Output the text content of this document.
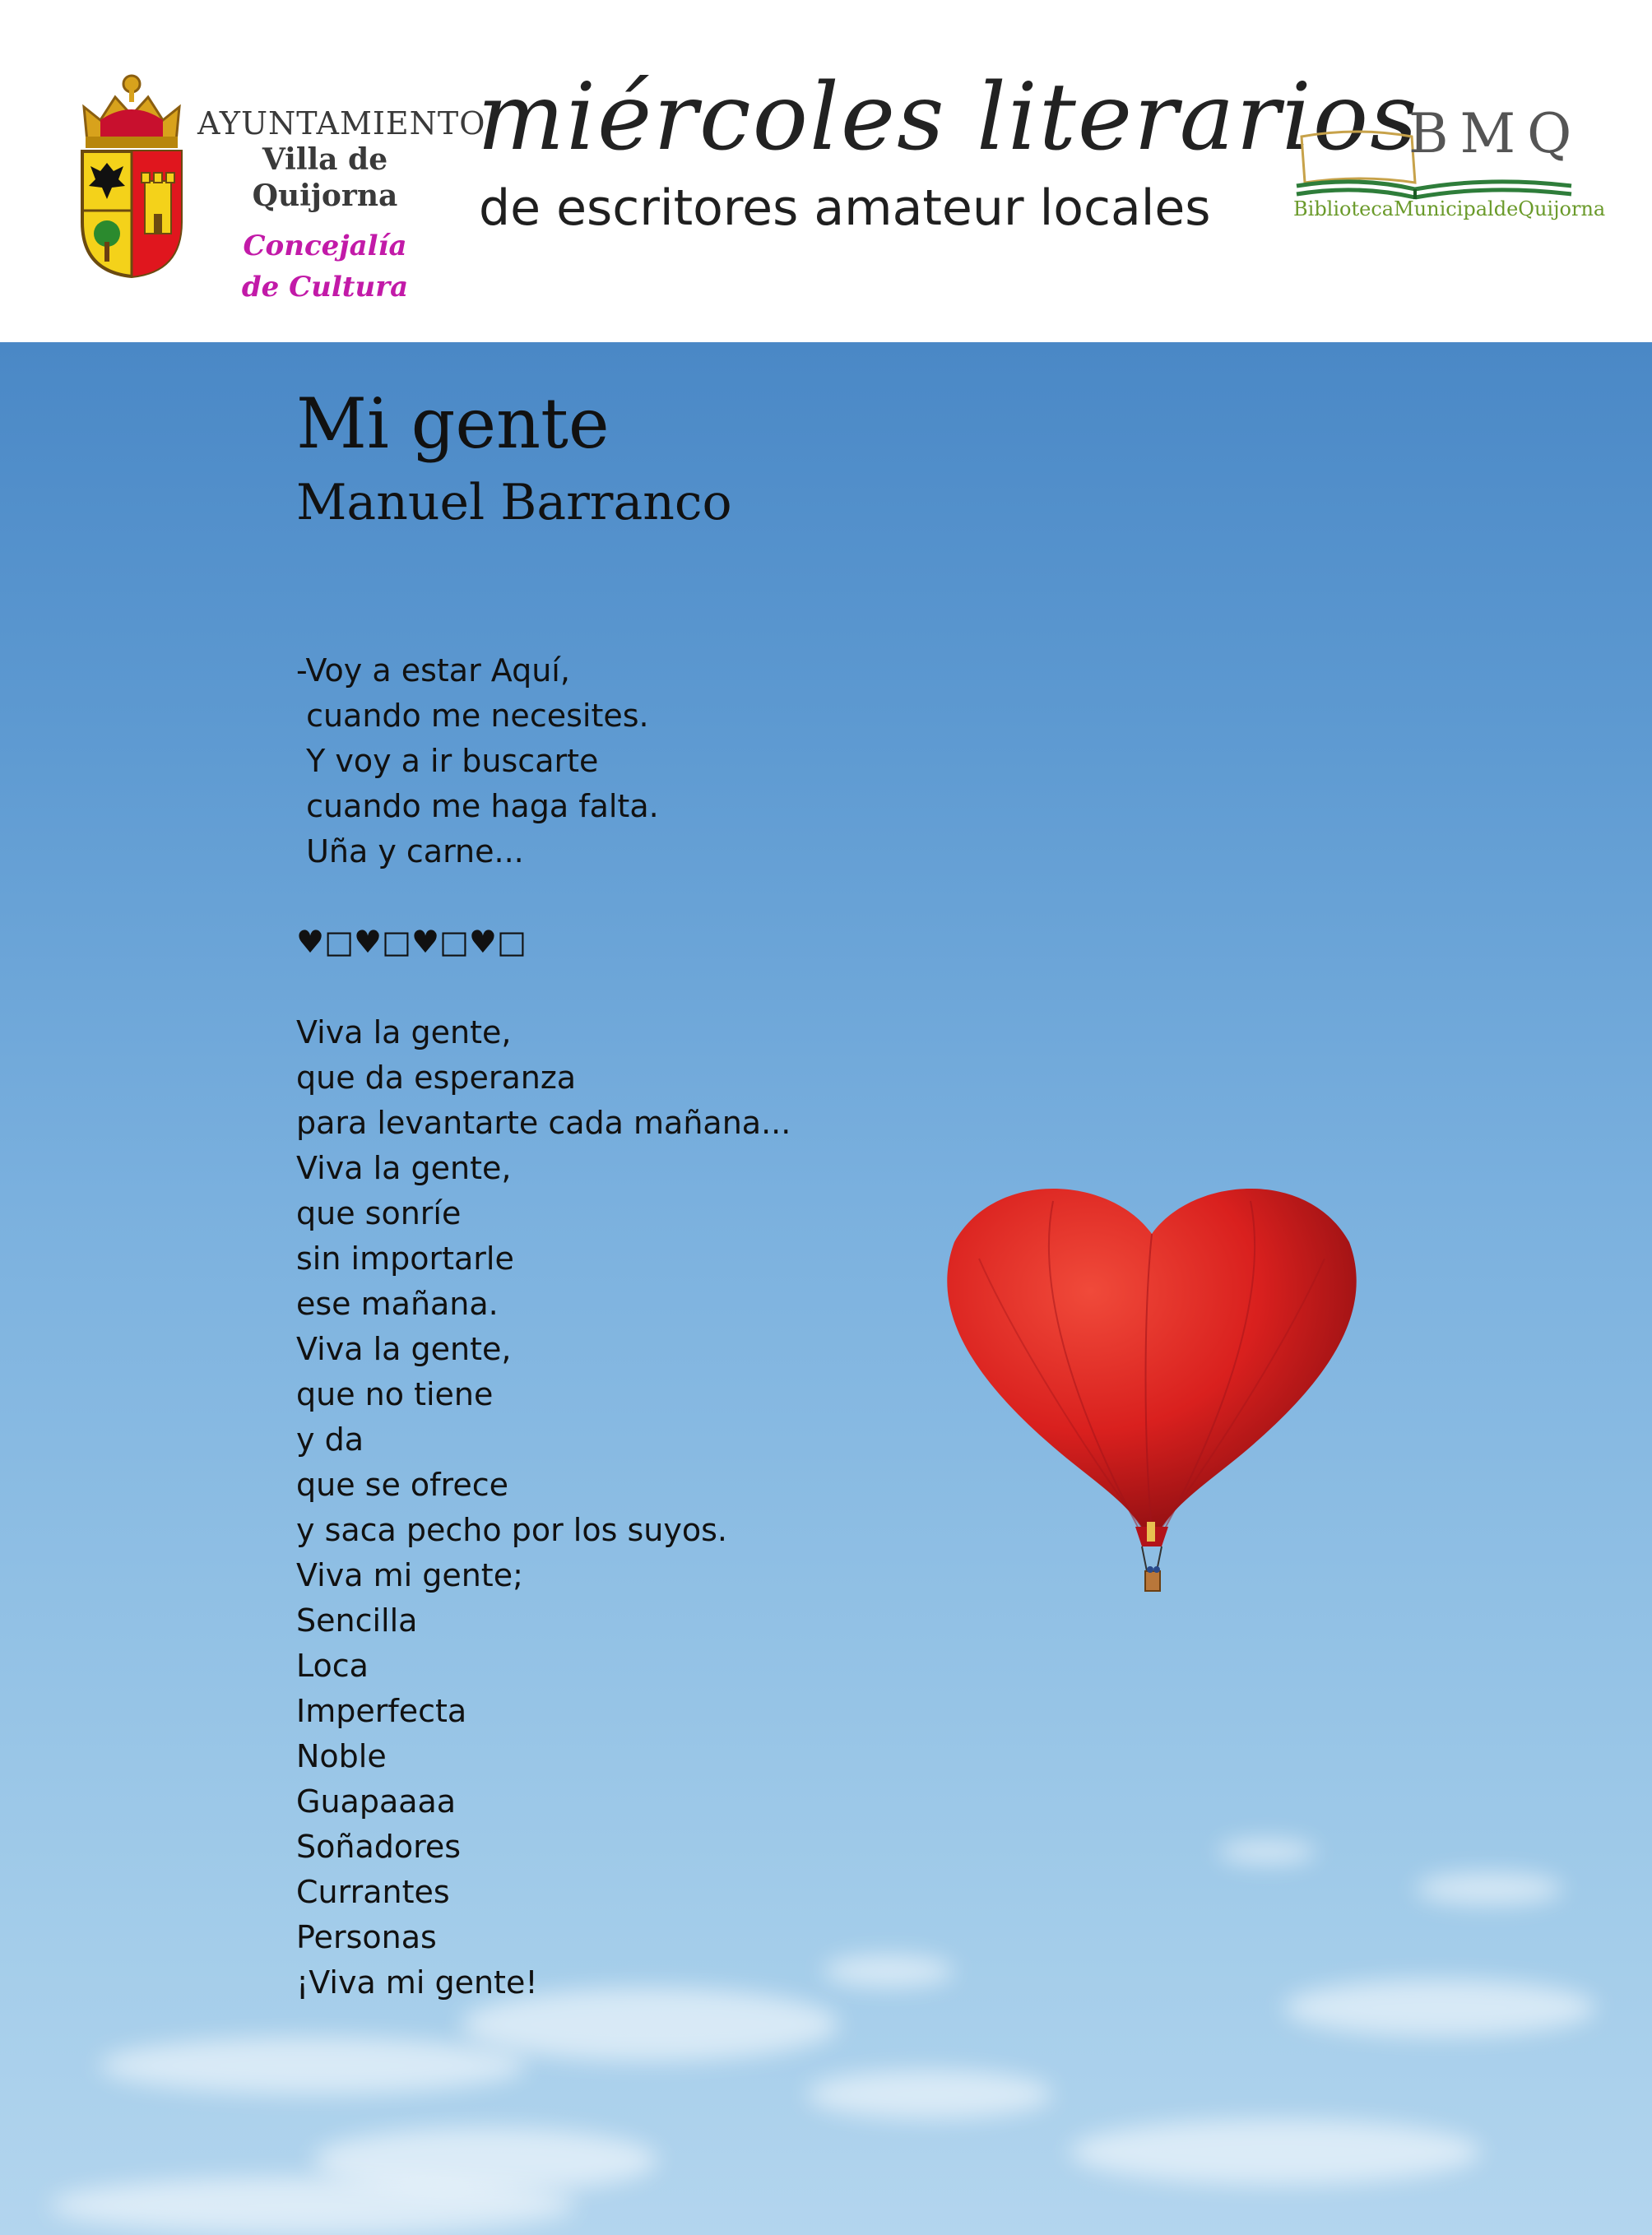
AYUNTAMIENTO
Villa de Quijorna
Concejalía de Cultura
miércoles literarios
de escritores amateur locales
BMQ
BibliotecaMunicipaldeQuijorna
Mi gente
Manuel Barranco
-Voy a estar Aquí,
cuando me necesites.
Y voy a ir buscarte
cuando me haga falta.
Uña y carne...
♥□♥□♥□♥□
Viva la gente,
que da esperanza
para levantarte cada mañana...
Viva la gente,
que sonríe
sin importarle
ese mañana.
Viva la gente,
que no tiene
y da
que se ofrece
y saca pecho por los suyos.
Viva mi gente;
Sencilla
Loca
Imperfecta
Noble
Guapaaaa
Soñadores
Currantes
Personas
¡Viva mi gente!
